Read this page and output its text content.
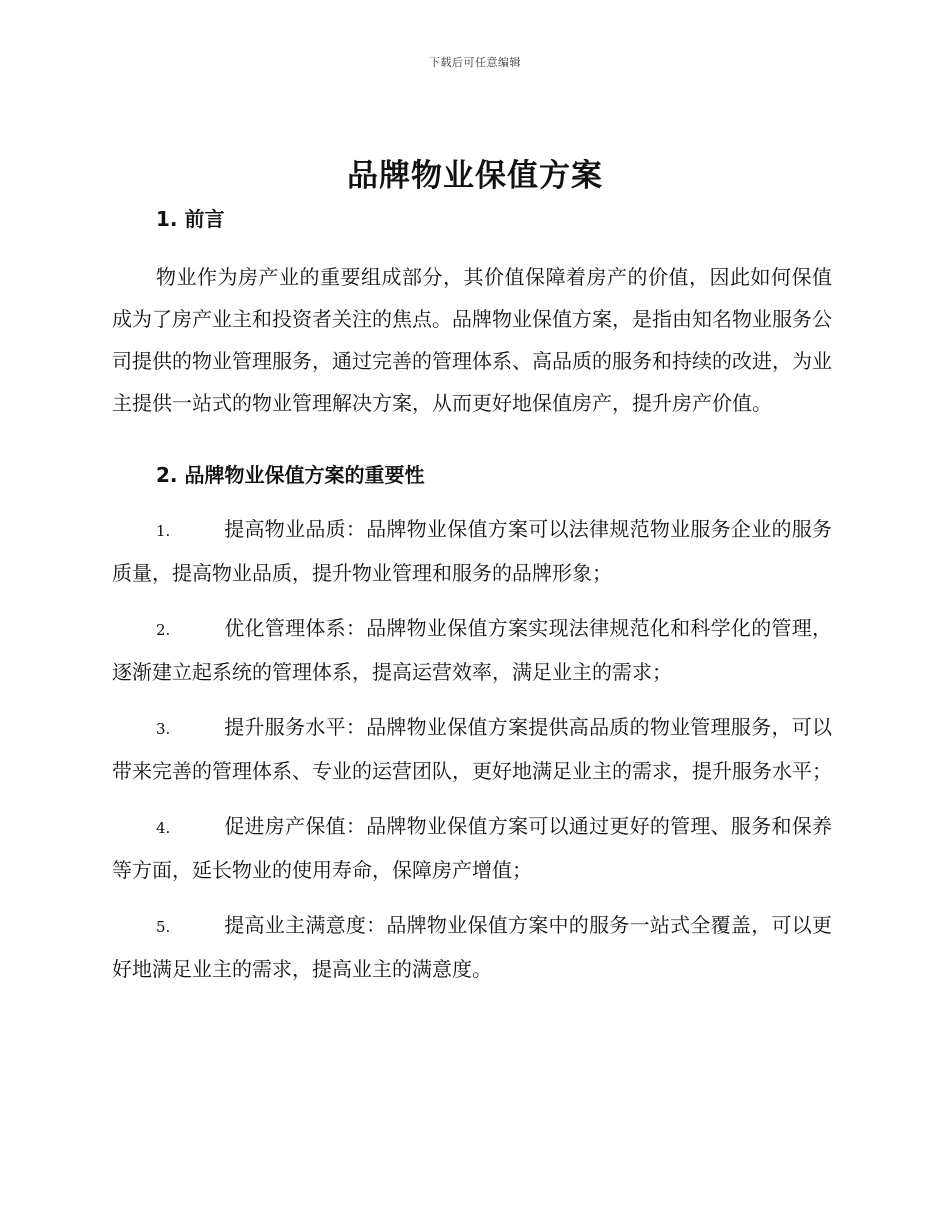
下载后可任意编辑
品牌物业保值方案

1. 前言

物业作为房产业的重要组成部分，其价值保障着房产的价值，因此如何保值成为了房产业主和投资者关注的焦点。品牌物业保值方案，是指由知名物业服务公司提供的物业管理服务，通过完善的管理体系、高品质的服务和持续的改进，为业主提供一站式的物业管理解决方案，从而更好地保值房产，提升房产价值。

2. 品牌物业保值方案的重要性

1.	提高物业品质：品牌物业保值方案可以法律规范物业服务企业的服务质量，提高物业品质，提升物业管理和服务的品牌形象；

2.	优化管理体系：品牌物业保值方案实现法律规范化和科学化的管理，逐渐建立起系统的管理体系，提高运营效率，满足业主的需求；

3.	提升服务水平：品牌物业保值方案提供高品质的物业管理服务，可以带来完善的管理体系、专业的运营团队，更好地满足业主的需求，提升服务水平；

4.	促进房产保值：品牌物业保值方案可以通过更好的管理、服务和保养等方面，延长物业的使用寿命，保障房产增值；

5.	提高业主满意度：品牌物业保值方案中的服务一站式全覆盖，可以更好地满足业主的需求，提高业主的满意度。
